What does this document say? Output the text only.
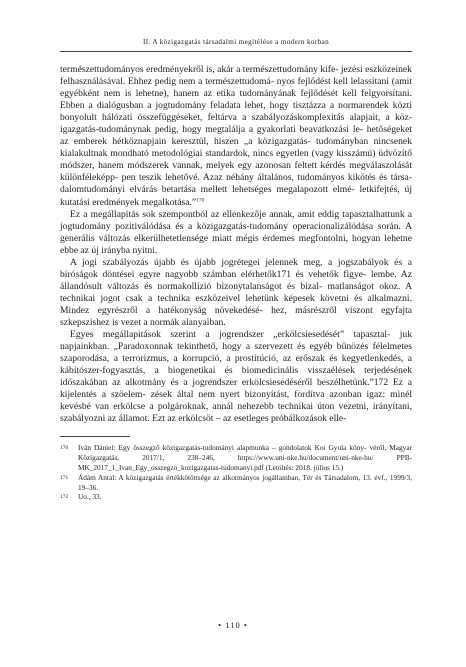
II. A közigazgatás társadalmi megítélése a modern korban

természettudományos eredményekről is, akár a természettudomány kife- jezési eszközeinek felhasználásával. Ehhez pedig nem a természettudomá- nyos fejlődést kell lelassítani (amit egyébként nem is lehetne), hanem az etika tudományának fejlődését kell felgyorsítani. Ebben a dialógusban a jogtudomány feladata lehet, hogy tisztázza a normarendek közti bonyolult hálózati összefüggéseket, feltárva a szabályozáskomplexitás alapjait, a köz- igazgatás-tudománynak pedig, hogy megtalálja a gyakorlati beavatkozási le- hetőségeket az emberek hétköznapjain keresztül, hiszen „a közigazgatás- tudományban nincsenek kialakultnak mondható metodológiai standardok, nincs egyetlen (vagy kisszámú) üdvözítő módszer, hanem módszerek vannak, melyek egy azonosan feltett kérdés megválaszolását különféleképp- pen teszik lehetővé. Azaz néhány általános, tudományos kikötés és társa- dalomtudományi elvárás betartása mellett lehetséges megalapozott elmé- letkifejtés, új kutatási eredmények megalkotása.”$^{170}$

Ez a megállapítás sok szempontból az ellenkezője annak, amit eddig tapasztalhattunk a jogtudomány pozitiválódása és a közigazgatás-tudomány operacionalizálódása során. A generális változás elkerülhetetlensége miatt mégis érdemes megfontolni, hogyan lehetne ebbe az új irányba nyitni.

A jogi szabályozás újabb és újabb jogrétegei jelennek meg, a jogszabályok és a bíróságok döntései egyre nagyobb számban elérhetők171 és vehetők figye- lembe. Az állandósult változás és normakollízió bizonytalanságot és bizal- matlanságot okoz. A technikai jogot csak a technika eszközeivel lehetünk képesek követni és alkalmazni. Mindez egyrészről a hatékonyság növekedésé- hez, másrészről viszont egyfajta szkepszishez is vezet a normák alanyaiban.

Egyes megállapítások szerint a jogrendszer „erkölcsiesedését” tapasztal- juk napjainkban. „Paradoxonnak tekinthető, hogy a szervezett és egyéb bűnözés félelmetes szaporodása, a terrorizmus, a korrupció, a prostitúció, az erőszak és kegyetlenkedés, a kábítószer-fogyasztás, a biogenetikai és biomedicinális visszaélések terjedésének időszakában az alkotmány és a jogrendszer erkölcsiesedéséről beszélhetünk.”172 Ez a kijelentés a szöelem- zések által nem nyert bizonyítást, fordítva azonban igaz: minél kevésbé van erkölcse a polgároknak, annál nehezebb technikai úton vezetni, irányítani, szabályozni az államot. Ezt az erkölcsöt – az esetleges próbálkozások elle-

170	Iván Dániel: Egy összegző közigazgatás-tudományi alapmunka – gondolatok Koi Gyula köny- véről, Magyar Közigazgatás, 2017/1, 238–246, https://www.uni-nke.hu/document/uni-nke-hu/	PPB-MK_2017_1_Ivan_Egy_osszegzo_kozigazgatas-tudomanyi.pdf (Letöltés: 2018. július 15.)
171	Ádám Antal: A közigazgatás értékkötöttsége az alkotmányos jogállamban, Tér és Társadalom, 13. évf., 1999/3, 19–36.
172	Uo., 33.
• 110 •
